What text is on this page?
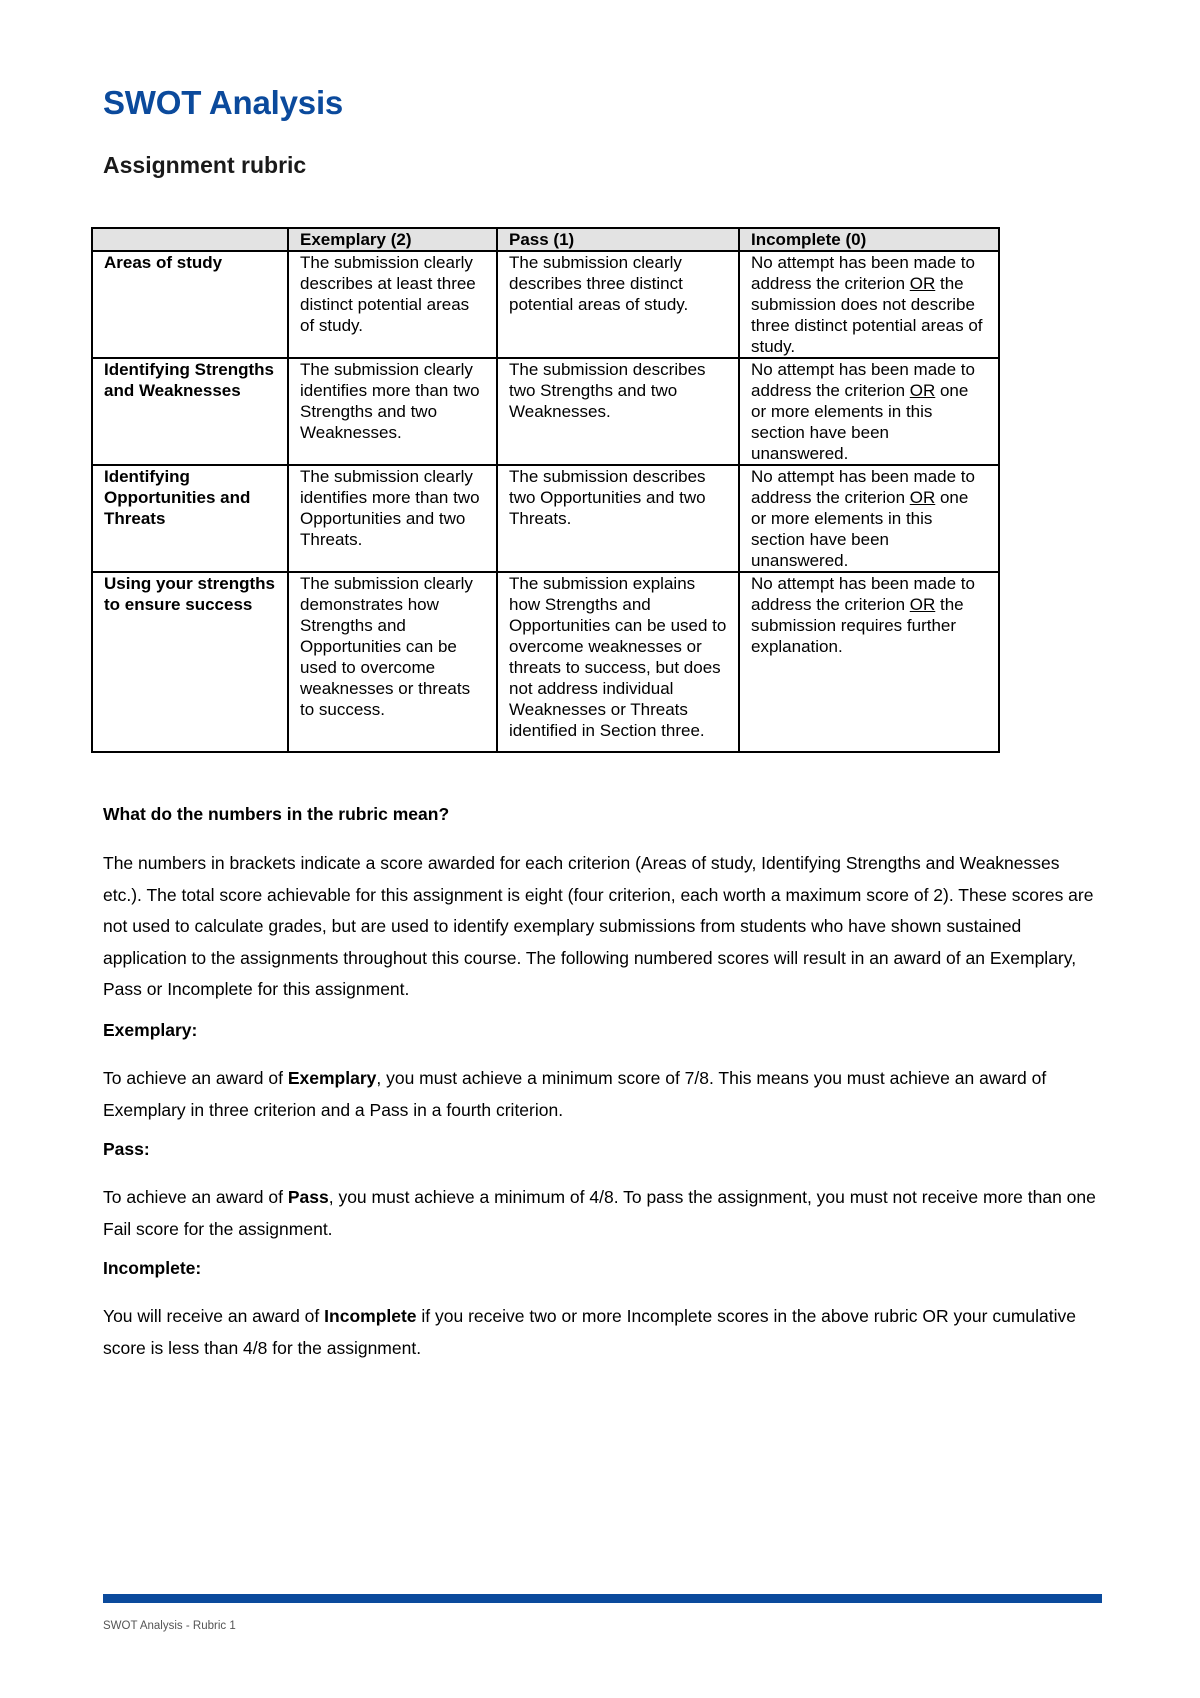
SWOT Analysis
Assignment rubric
	Exemplary (2)	Pass (1)	Incomplete (0)
Areas of study	The submission clearly describes at least three distinct potential areas of study.	The submission clearly describes three distinct potential areas of study.	No attempt has been made to address the criterion OR the submission does not describe three distinct potential areas of study.
Identifying Strengths and Weaknesses	The submission clearly identifies more than two Strengths and two Weaknesses.	The submission describes two Strengths and two Weaknesses.	No attempt has been made to address the criterion OR one or more elements in this section have been unanswered.
Identifying Opportunities and Threats	The submission clearly identifies more than two Opportunities and two Threats.	The submission describes two Opportunities and two Threats.	No attempt has been made to address the criterion OR one or more elements in this section have been unanswered.
Using your strengths to ensure success	The submission clearly demonstrates how Strengths and Opportunities can be used to overcome weaknesses or threats to success.	The submission explains how Strengths and Opportunities can be used to overcome weaknesses or threats to success, but does not address individual Weaknesses or Threats identified in Section three.	No attempt has been made to address the criterion OR the submission requires further explanation.

What do the numbers in the rubric mean?

The numbers in brackets indicate a score awarded for each criterion (Areas of study, Identifying Strengths and Weaknesses etc.). The total score achievable for this assignment is eight (four criterion, each worth a maximum score of 2). These scores are not used to calculate grades, but are used to identify exemplary submissions from students who have shown sustained application to the assignments throughout this course. The following numbered scores will result in an award of an Exemplary, Pass or Incomplete for this assignment.

Exemplary:

To achieve an award of Exemplary, you must achieve a minimum score of 7/8. This means you must achieve an award of Exemplary in three criterion and a Pass in a fourth criterion.

Pass:

To achieve an award of Pass, you must achieve a minimum of 4/8. To pass the assignment, you must not receive more than one Fail score for the assignment.

Incomplete:

You will receive an award of Incomplete if you receive two or more Incomplete scores in the above rubric OR your cumulative score is less than 4/8 for the assignment.

SWOT Analysis - Rubric 1
